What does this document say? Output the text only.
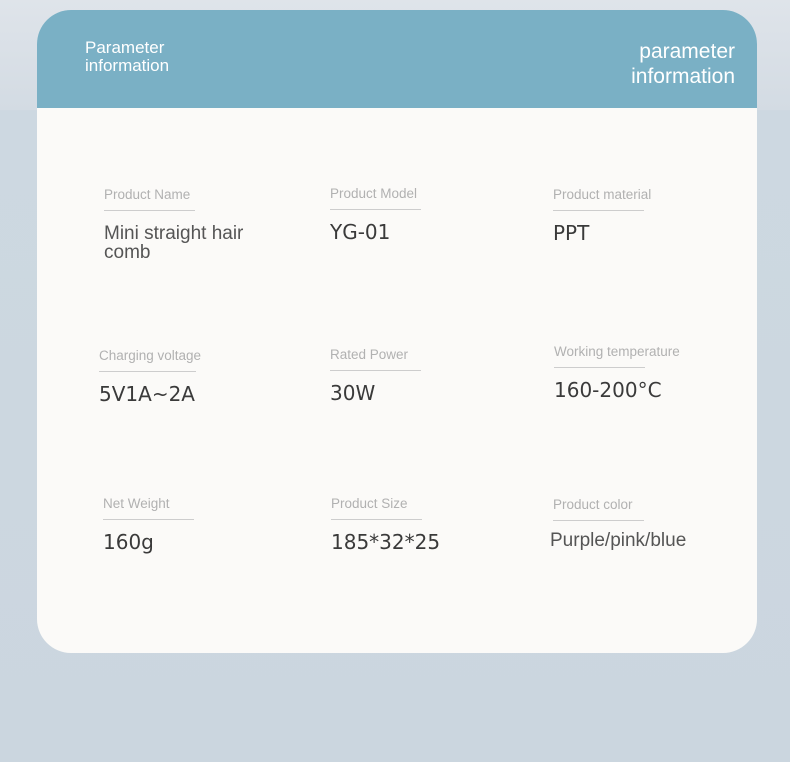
Parameter information
parameter information
Product Name
Mini straight hair comb
Product Model
YG-01
Product material
PPT
Charging voltage
5V1A~2A
Rated Power
30W
Working temperature
160-200°C
Net Weight
160g
Product Size
185*32*25
Product color
Purple/pink/blue
